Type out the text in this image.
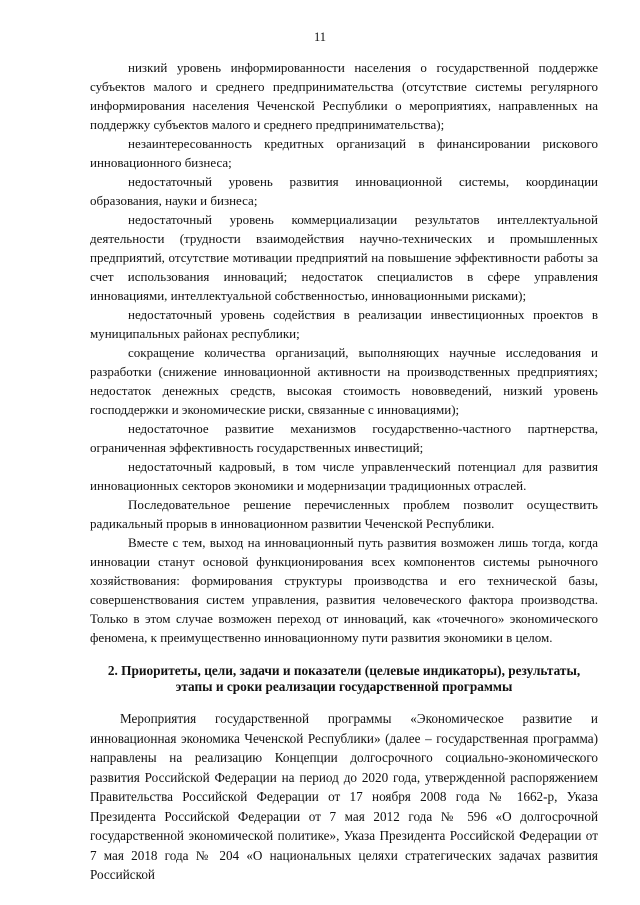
11

низкий уровень информированности населения о государственной поддержке субъектов малого и среднего предпринимательства (отсутствие системы регулярного информирования населения Чеченской Республики о мероприятиях, направленных на поддержку субъектов малого и среднего предпринимательства);

незаинтересованность кредитных организаций в финансировании рискового инновационного бизнеса;

недостаточный уровень развития инновационной системы, координации образования, науки и бизнеса;

недостаточный уровень коммерциализации результатов интеллектуальной деятельности (трудности взаимодействия научно-технических и промышленных предприятий, отсутствие мотивации предприятий на повышение эффективности работы за счет использования инноваций; недостаток специалистов в сфере управления инновациями, интеллектуальной собственностью, инновационными рисками);

недостаточный уровень содействия в реализации инвестиционных проектов в муниципальных районах республики;

сокращение количества организаций, выполняющих научные исследования и разработки (снижение инновационной активности на производственных предприятиях; недостаток денежных средств, высокая стоимость нововведений, низкий уровень господдержки и экономические риски, связанные с инновациями);

недостаточное развитие механизмов государственно-частного партнерства, ограниченная эффективность государственных инвестиций;

недостаточный кадровый, в том числе управленческий потенциал для развития инновационных секторов экономики и модернизации традиционных отраслей.

Последовательное решение перечисленных проблем позволит осуществить радикальный прорыв в инновационном развитии Чеченской Республики.

Вместе с тем, выход на инновационный путь развития возможен лишь тогда, когда инновации станут основой функционирования всех компонентов системы рыночного хозяйствования: формирования структуры производства и его технической базы, совершенствования систем управления, развития человеческого фактора производства. Только в этом случае возможен переход от инноваций, как «точечного» экономического феномена, к преимущественно инновационному пути развития экономики в целом.

2. Приоритеты, цели, задачи и показатели (целевые индикаторы), результаты, этапы и сроки реализации государственной программы

Мероприятия государственной программы «Экономическое развитие и инновационная экономика Чеченской Республики» (далее – государственная программа) направлены на реализацию Концепции долгосрочного социально-экономического развития Российской Федерации на период до 2020 года, утвержденной распоряжением Правительства Российской Федерации от 17 ноября 2008 года № 1662-р, Указа Президента Российской Федерации от 7 мая 2012 года № 596 «О долгосрочной государственной экономической политике», Указа Президента Российской Федерации от 7 мая 2018 года № 204 «О национальных целяхи стратегических задачах развития Российской
